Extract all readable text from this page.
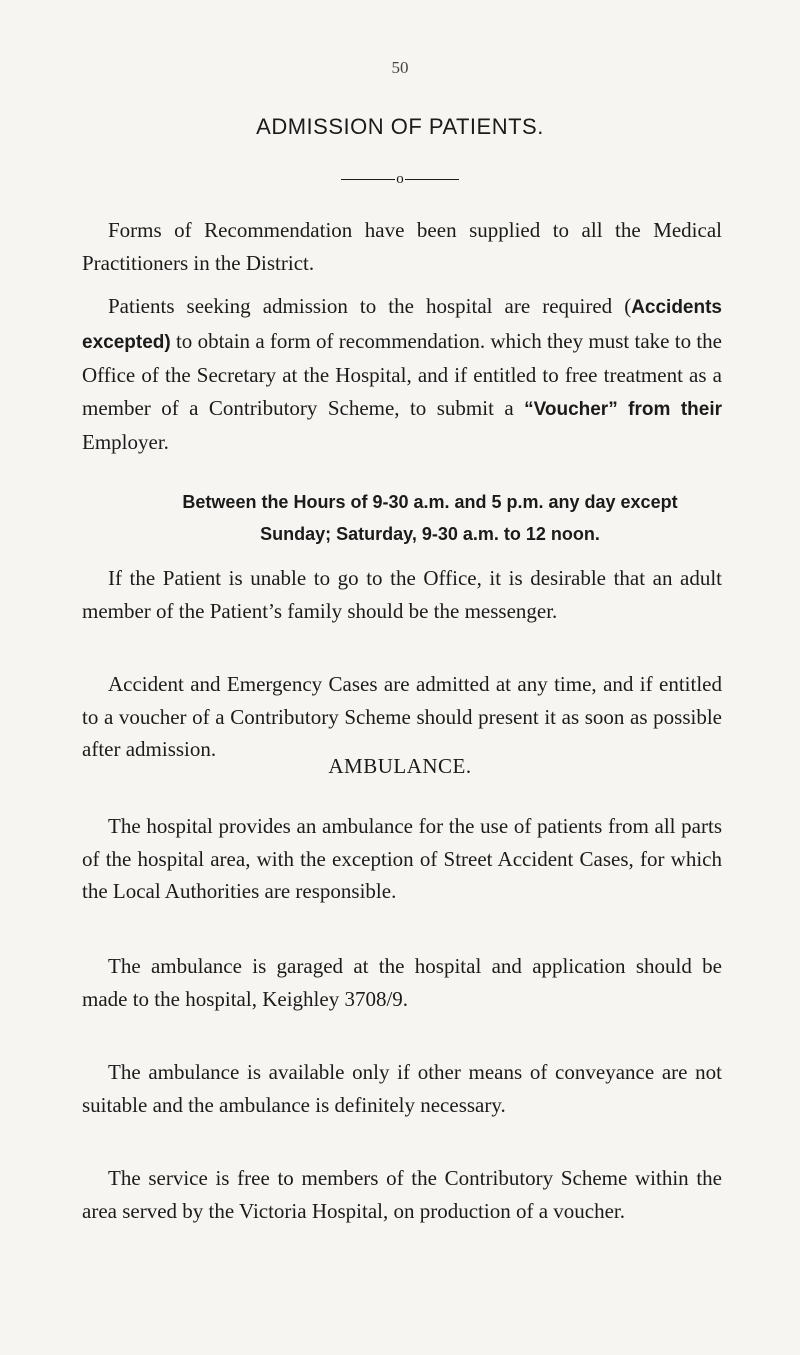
50
ADMISSION OF PATIENTS.
o

Forms of Recommendation have been supplied to all the Medical Practitioners in the District.

Patients seeking admission to the hospital are required (Accidents excepted) to obtain a form of recommendation. which they must take to the Office of the Secretary at the Hospital, and if entitled to free treatment as a member of a Contributory Scheme, to submit a “Voucher” from their Employer.

Between the Hours of 9-30 a.m. and 5 p.m. any day except Sunday; Saturday, 9-30 a.m. to 12 noon.

If the Patient is unable to go to the Office, it is desirable that an adult member of the Patient’s family should be the messenger.

Accident and Emergency Cases are admitted at any time, and if entitled to a voucher of a Contributory Scheme should present it as soon as possible after admission.

AMBULANCE.

The hospital provides an ambulance for the use of patients from all parts of the hospital area, with the exception of Street Accident Cases, for which the Local Authorities are responsible.

The ambulance is garaged at the hospital and application should be made to the hospital, Keighley 3708/9.

The ambulance is available only if other means of conveyance are not suitable and the ambulance is definitely necessary.

The service is free to members of the Contributory Scheme within the area served by the Victoria Hospital, on production of a voucher.
